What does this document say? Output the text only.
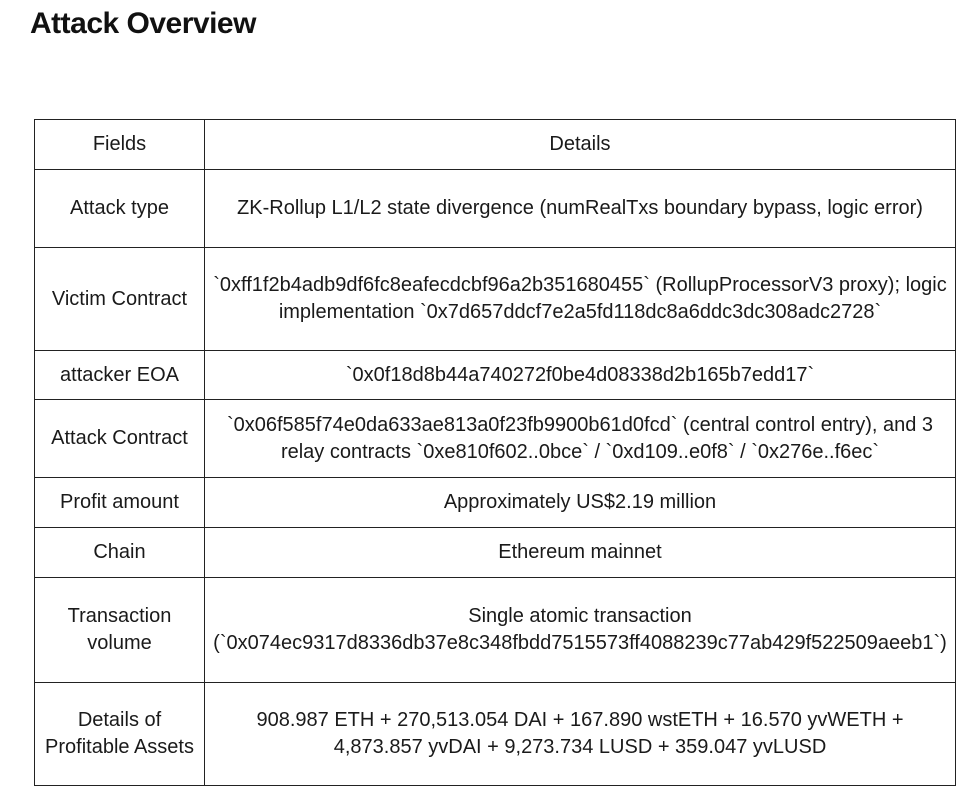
Attack Overview
Fields	Details
Attack type	ZK-Rollup L1/L2 state divergence (numRealTxs boundary bypass, logic error)
Victim Contract	`0xff1f2b4adb9df6fc8eafecdcbf96a2b351680455` (RollupProcessorV3 proxy); logic implementation `0x7d657ddcf7e2a5fd118dc8a6ddc3dc308adc2728`
attacker EOA	`0x0f18d8b44a740272f0be4d08338d2b165b7edd17`
Attack Contract	`0x06f585f74e0da633ae813a0f23fb9900b61d0fcd` (central control entry), and 3 relay contracts `0xe810f602..0bce` / `0xd109..e0f8` / `0x276e..f6ec`
Profit amount	Approximately US$2.19 million
Chain	Ethereum mainnet
Transaction volume	Single atomic transaction (`0x074ec9317d8336db37e8c348fbdd7515573ff4088239c77ab429f522509aeeb1`)
Details of Profitable Assets	908.987 ETH + 270,513.054 DAI + 167.890 wstETH + 16.570 yvWETH + 4,873.857 yvDAI + 9,273.734 LUSD + 359.047 yvLUSD
